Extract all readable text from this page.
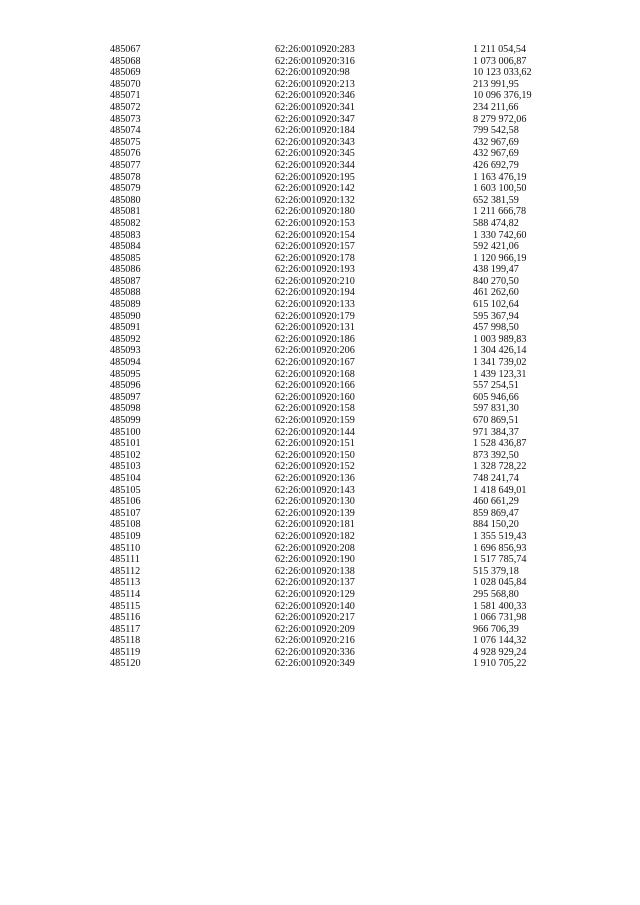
485067	62:26:0010920:283	1 211 054,54
485068	62:26:0010920:316	1 073 006,87
485069	62:26:0010920:98	10 123 033,62
485070	62:26:0010920:213	213 991,95
485071	62:26:0010920:346	10 096 376,19
485072	62:26:0010920:341	234 211,66
485073	62:26:0010920:347	8 279 972,06
485074	62:26:0010920:184	799 542,58
485075	62:26:0010920:343	432 967,69
485076	62:26:0010920:345	432 967,69
485077	62:26:0010920:344	426 692,79
485078	62:26:0010920:195	1 163 476,19
485079	62:26:0010920:142	1 603 100,50
485080	62:26:0010920:132	652 381,59
485081	62:26:0010920:180	1 211 666,78
485082	62:26:0010920:153	588 474,82
485083	62:26:0010920:154	1 330 742,60
485084	62:26:0010920:157	592 421,06
485085	62:26:0010920:178	1 120 966,19
485086	62:26:0010920:193	438 199,47
485087	62:26:0010920:210	840 270,50
485088	62:26:0010920:194	461 262,60
485089	62:26:0010920:133	615 102,64
485090	62:26:0010920:179	595 367,94
485091	62:26:0010920:131	457 998,50
485092	62:26:0010920:186	1 003 989,83
485093	62:26:0010920:206	1 304 426,14
485094	62:26:0010920:167	1 341 739,02
485095	62:26:0010920:168	1 439 123,31
485096	62:26:0010920:166	557 254,51
485097	62:26:0010920:160	605 946,66
485098	62:26:0010920:158	597 831,30
485099	62:26:0010920:159	670 869,51
485100	62:26:0010920:144	971 384,37
485101	62:26:0010920:151	1 528 436,87
485102	62:26:0010920:150	873 392,50
485103	62:26:0010920:152	1 328 728,22
485104	62:26:0010920:136	748 241,74
485105	62:26:0010920:143	1 418 649,01
485106	62:26:0010920:130	460 661,29
485107	62:26:0010920:139	859 869,47
485108	62:26:0010920:181	884 150,20
485109	62:26:0010920:182	1 355 519,43
485110	62:26:0010920:208	1 696 856,93
485111	62:26:0010920:190	1 517 785,74
485112	62:26:0010920:138	515 379,18
485113	62:26:0010920:137	1 028 045,84
485114	62:26:0010920:129	295 568,80
485115	62:26:0010920:140	1 581 400,33
485116	62:26:0010920:217	1 066 731,98
485117	62:26:0010920:209	966 706,39
485118	62:26:0010920:216	1 076 144,32
485119	62:26:0010920:336	4 928 929,24
485120	62:26:0010920:349	1 910 705,22
